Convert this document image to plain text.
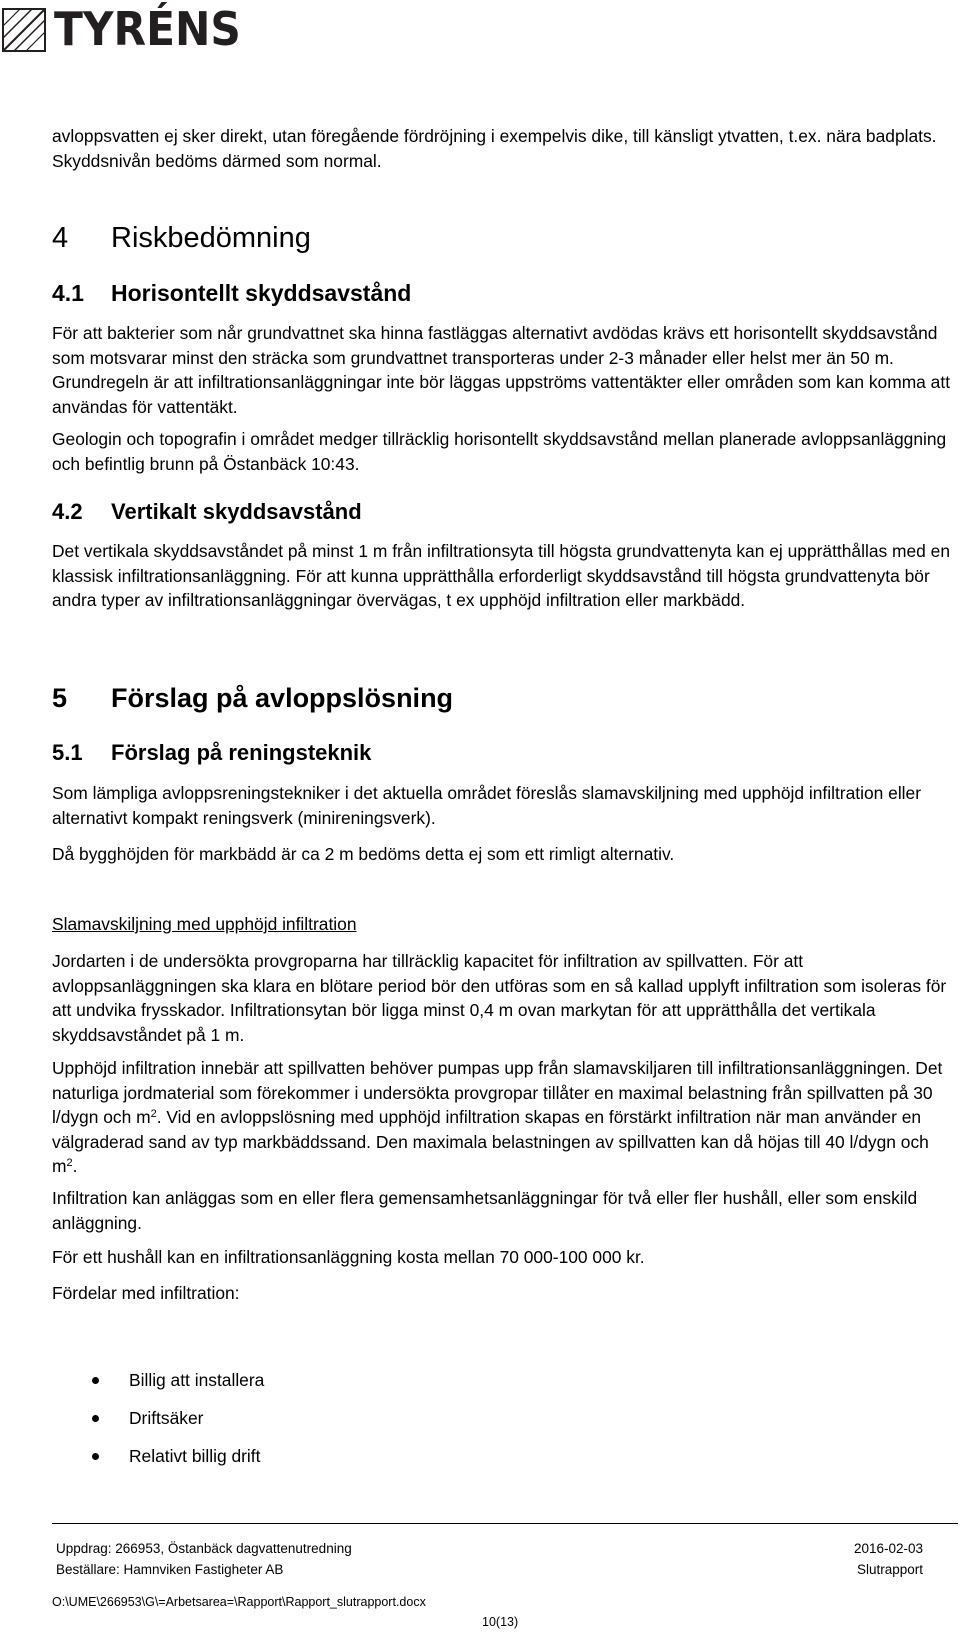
TYRÉNS

avloppsvatten ej sker direkt, utan föregående fördröjning i exempelvis dike, till känsligt ytvatten, t.ex. nära badplats. Skyddsnivån bedöms därmed som normal.

4 Riskbedömning
4.1 Horisontellt skyddsavstånd

För att bakterier som når grundvattnet ska hinna fastläggas alternativt avdödas krävs ett horisontellt skyddsavstånd som motsvarar minst den sträcka som grundvattnet transporteras under 2-3 månader eller helst mer än 50 m. Grundregeln är att infiltrationsanläggningar inte bör läggas uppströms vattentäkter eller områden som kan komma att användas för vattentäkt.

Geologin och topografin i området medger tillräcklig horisontellt skyddsavstånd mellan planerade avloppsanläggning och befintlig brunn på Östanbäck 10:43.

4.2 Vertikalt skyddsavstånd

Det vertikala skyddsavståndet på minst 1 m från infiltrationsyta till högsta grundvattenyta kan ej upprätthållas med en klassisk infiltrationsanläggning. För att kunna upprätthålla erforderligt skyddsavstånd till högsta grundvattenyta bör andra typer av infiltrationsanläggningar övervägas, t ex upphöjd infiltration eller markbädd.

5 Förslag på avloppslösning
5.1 Förslag på reningsteknik

Som lämpliga avloppsreningstekniker i det aktuella området föreslås slamavskiljning med upphöjd infiltration eller alternativt kompakt reningsverk (minireningsverk).

Då bygghöjden för markbädd är ca 2 m bedöms detta ej som ett rimligt alternativ.

Slamavskiljning med upphöjd infiltration

Jordarten i de undersökta provgroparna har tillräcklig kapacitet för infiltration av spillvatten. För att avloppsanläggningen ska klara en blötare period bör den utföras som en så kallad upplyft infiltration som isoleras för att undvika frysskador. Infiltrationsytan bör ligga minst 0,4 m ovan markytan för att upprätthålla det vertikala skyddsavståndet på 1 m.

Upphöjd infiltration innebär att spillvatten behöver pumpas upp från slamavskiljaren till infiltrationsanläggningen. Det naturliga jordmaterial som förekommer i undersökta provgropar tillåter en maximal belastning från spillvatten på 30 l/dygn och $m^2$. Vid en avloppslösning med upphöjd infiltration skapas en förstärkt infiltration när man använder en välgraderad sand av typ markbäddssand. Den maximala belastningen av spillvatten kan då höjas till 40 l/dygn och $m^2$.

Infiltration kan anläggas som en eller flera gemensamhetsanläggningar för två eller fler hushåll, eller som enskild anläggning.

För ett hushåll kan en infiltrationsanläggning kosta mellan 70 000-100 000 kr.

Fördelar med infiltration:

Billig att installera
Driftsäker
Relativt billig drift
Uppdrag: 266953, Östanbäck dagvattenutredning
Beställare: Hamnviken Fastigheter AB
2016-02-03
Slutrapport
O:\UME\266953\G\=Arbetsarea=\Rapport\Rapport_slutrapport.docx
10(13)
